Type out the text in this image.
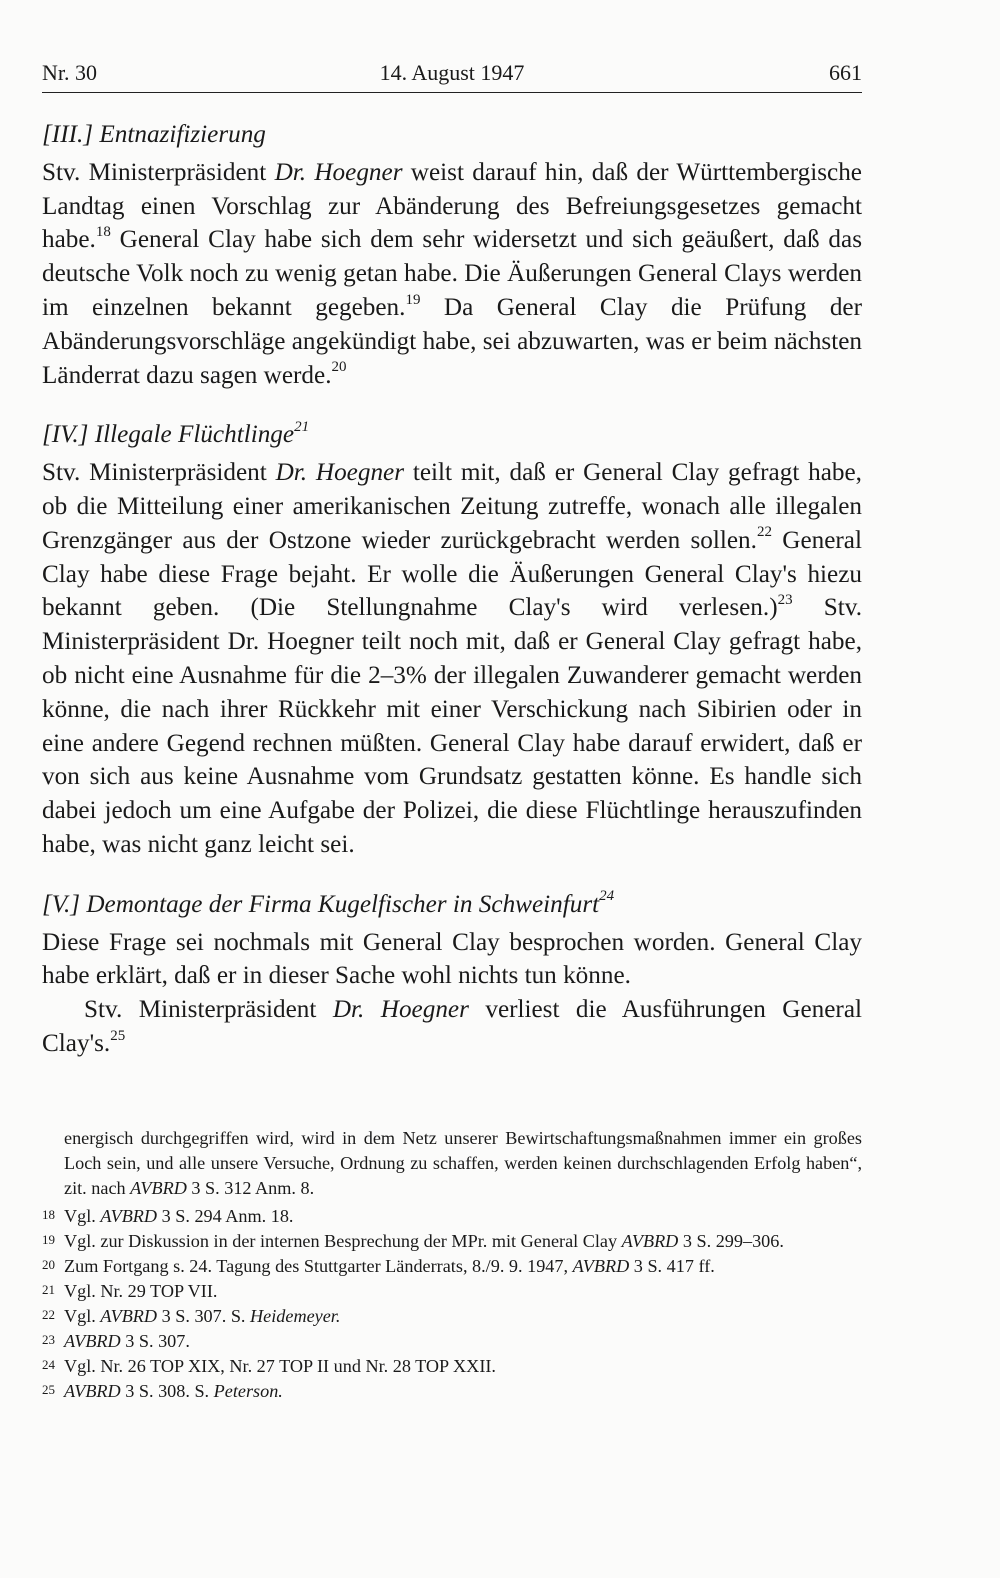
Nr. 30	14. August 1947	661
[III.] Entnazifizierung

Stv. Ministerpräsident Dr. Hoegner weist darauf hin, daß der Württembergische Landtag einen Vorschlag zur Abänderung des Befreiungsgesetzes gemacht habe.$^{18}$ General Clay habe sich dem sehr widersetzt und sich geäußert, daß das deutsche Volk noch zu wenig getan habe. Die Äußerungen General Clays werden im einzelnen bekannt gegeben.$^{19}$ Da General Clay die Prüfung der Abänderungsvorschläge angekündigt habe, sei abzuwarten, was er beim nächsten Länderrat dazu sagen werde.$^{20}$

[IV.] Illegale Flüchtlinge$^{21}$

Stv. Ministerpräsident Dr. Hoegner teilt mit, daß er General Clay gefragt habe, ob die Mitteilung einer amerikanischen Zeitung zutreffe, wonach alle illegalen Grenzgänger aus der Ostzone wieder zurückgebracht werden sollen.$^{22}$ General Clay habe diese Frage bejaht. Er wolle die Äußerungen General Clay's hiezu bekannt geben. (Die Stellungnahme Clay's wird verlesen.)$^{23}$ Stv. Ministerpräsident Dr. Hoegner teilt noch mit, daß er General Clay gefragt habe, ob nicht eine Ausnahme für die 2–3% der illegalen Zuwanderer gemacht werden könne, die nach ihrer Rückkehr mit einer Verschickung nach Sibirien oder in eine andere Gegend rechnen müßten. General Clay habe darauf erwidert, daß er von sich aus keine Ausnahme vom Grundsatz gestatten könne. Es handle sich dabei jedoch um eine Aufgabe der Polizei, die diese Flüchtlinge herauszufinden habe, was nicht ganz leicht sei.

[V.] Demontage der Firma Kugelfischer in Schweinfurt$^{24}$

Diese Frage sei nochmals mit General Clay besprochen worden. General Clay habe erklärt, daß er in dieser Sache wohl nichts tun könne.

Stv. Ministerpräsident Dr. Hoegner verliest die Ausführungen General Clay's.$^{25}$

energisch durchgegriffen wird, wird in dem Netz unserer Bewirtschaftungsmaßnahmen immer ein großes Loch sein, und alle unsere Versuche, Ordnung zu schaffen, werden keinen durchschlagenden Erfolg haben“, zit. nach AVBRD 3 S. 312 Anm. 8.
18 Vgl. AVBRD 3 S. 294 Anm. 18.
19 Vgl. zur Diskussion in der internen Besprechung der MPr. mit General Clay AVBRD 3 S. 299–306.
20 Zum Fortgang s. 24. Tagung des Stuttgarter Länderrats, 8./9. 9. 1947, AVBRD 3 S. 417 ff.
21 Vgl. Nr. 29 TOP VII.
22 Vgl. AVBRD 3 S. 307. S. Heidemeyer.
23 AVBRD 3 S. 307.
24 Vgl. Nr. 26 TOP XIX, Nr. 27 TOP II und Nr. 28 TOP XXII.
25 AVBRD 3 S. 308. S. Peterson.
